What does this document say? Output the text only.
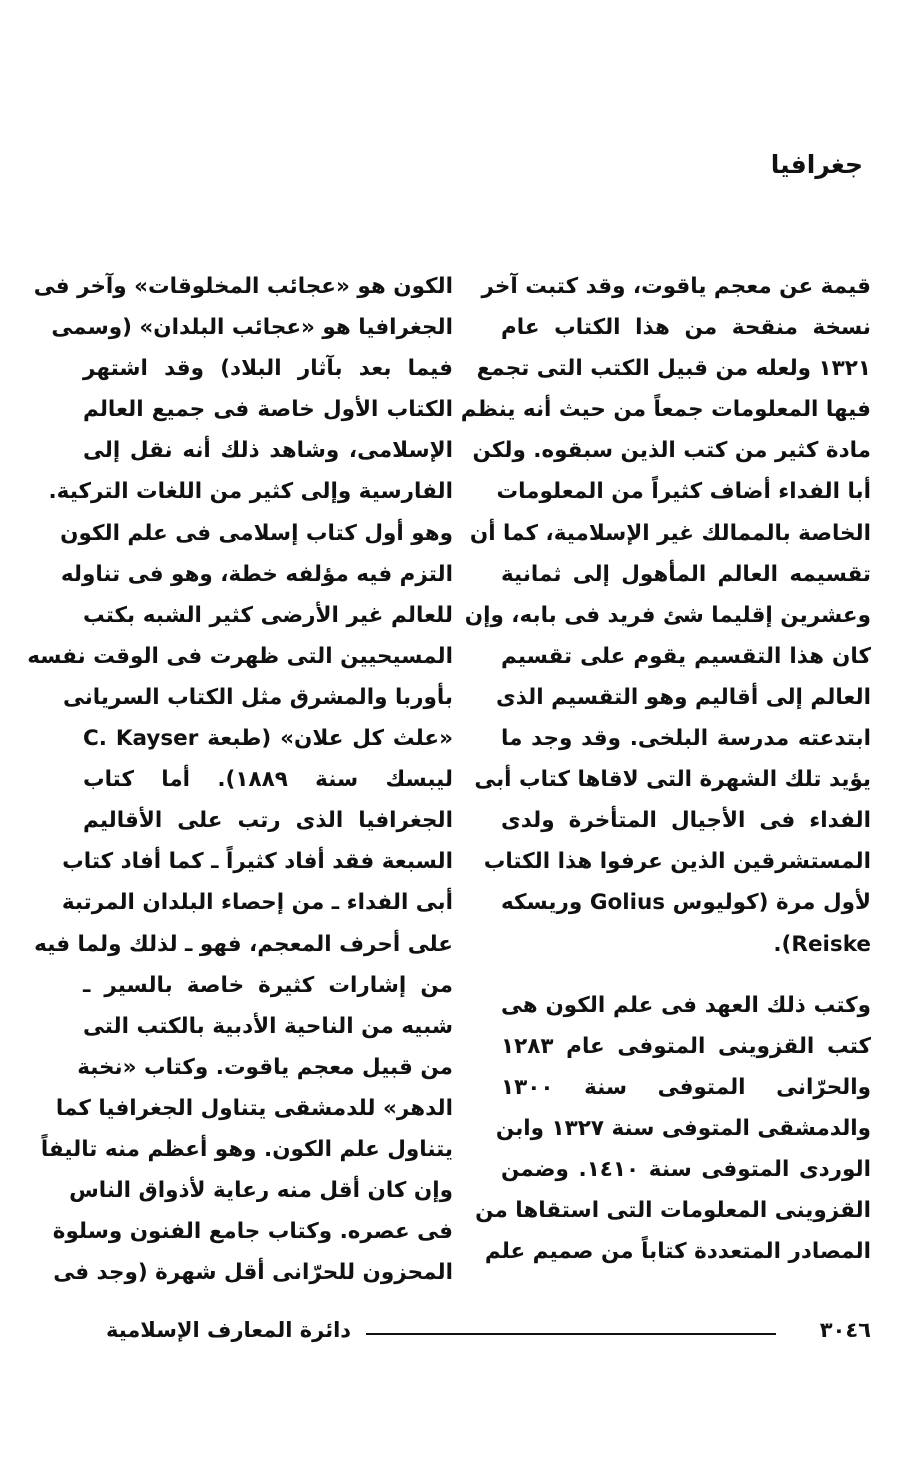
جغرافيا
قيمة عن معجم ياقوت، وقد كتبت آخر
نسخة منقحة من هذا الكتاب عام
١٣٢١ ولعله من قبيل الكتب التى تجمع
فيها المعلومات جمعاً من حيث أنه ينظم
مادة كثير من كتب الذين سبقوه. ولكن
أبا الفداء أضاف كثيراً من المعلومات
الخاصة بالممالك غير الإسلامية، كما أن
تقسيمه العالم المأهول إلى ثمانية
وعشرين إقليما شئ فريد فى بابه، وإن
كان هذا التقسيم يقوم على تقسيم
العالم إلى أقاليم وهو التقسيم الذى
ابتدعته مدرسة البلخى. وقد وجد ما
يؤيد تلك الشهرة التى لاقاها كتاب أبى
الفداء فى الأجيال المتأخرة ولدى
المستشرقين الذين عرفوا هذا الكتاب
لأول مرة (كوليوس Golius وريسكه
Reiske).
وكتب ذلك العهد فى علم الكون هى
كتب القزوينى المتوفى عام ١٢٨٣
والحرّانى المتوفى سنة ١٣٠٠
والدمشقى المتوفى سنة ١٣٢٧ وابن
الوردى المتوفى سنة ١٤١٠. وضمن
القزوينى المعلومات التى استقاها من
المصادر المتعددة كتاباً من صميم علم
الكون هو «عجائب المخلوقات» وآخر فى
الجغرافيا هو «عجائب البلدان» (وسمى
فيما بعد بآثار البلاد) وقد اشتهر
الكتاب الأول خاصة فى جميع العالم
الإسلامى، وشاهد ذلك أنه نقل إلى
الفارسية وإلى كثير من اللغات التركية.
وهو أول كتاب إسلامى فى علم الكون
التزم فيه مؤلفه خطة، وهو فى تناوله
للعالم غير الأرضى كثير الشبه بكتب
المسيحيين التى ظهرت فى الوقت نفسه
بأوربا والمشرق مثل الكتاب السريانى
«علث كل علان» (طبعة C. Kayser
ليبسك سنة ١٨٨٩). أما كتاب
الجغرافيا الذى رتب على الأقاليم
السبعة فقد أفاد كثيراً ـ كما أفاد كتاب
أبى الفداء ـ من إحصاء البلدان المرتبة
على أحرف المعجم، فهو ـ لذلك ولما فيه
من إشارات كثيرة خاصة بالسير ـ
شبيه من الناحية الأدبية بالكتب التى
من قبيل معجم ياقوت. وكتاب «نخبة
الدهر» للدمشقى يتناول الجغرافيا كما
يتناول علم الكون. وهو أعظم منه تاليفاً
وإن كان أقل منه رعاية لأذواق الناس
فى عصره. وكتاب جامع الفنون وسلوة
المحزون للحرّانى أقل شهرة (وجد فى
٣٠٤٦
دائرة المعارف الإسلامية
